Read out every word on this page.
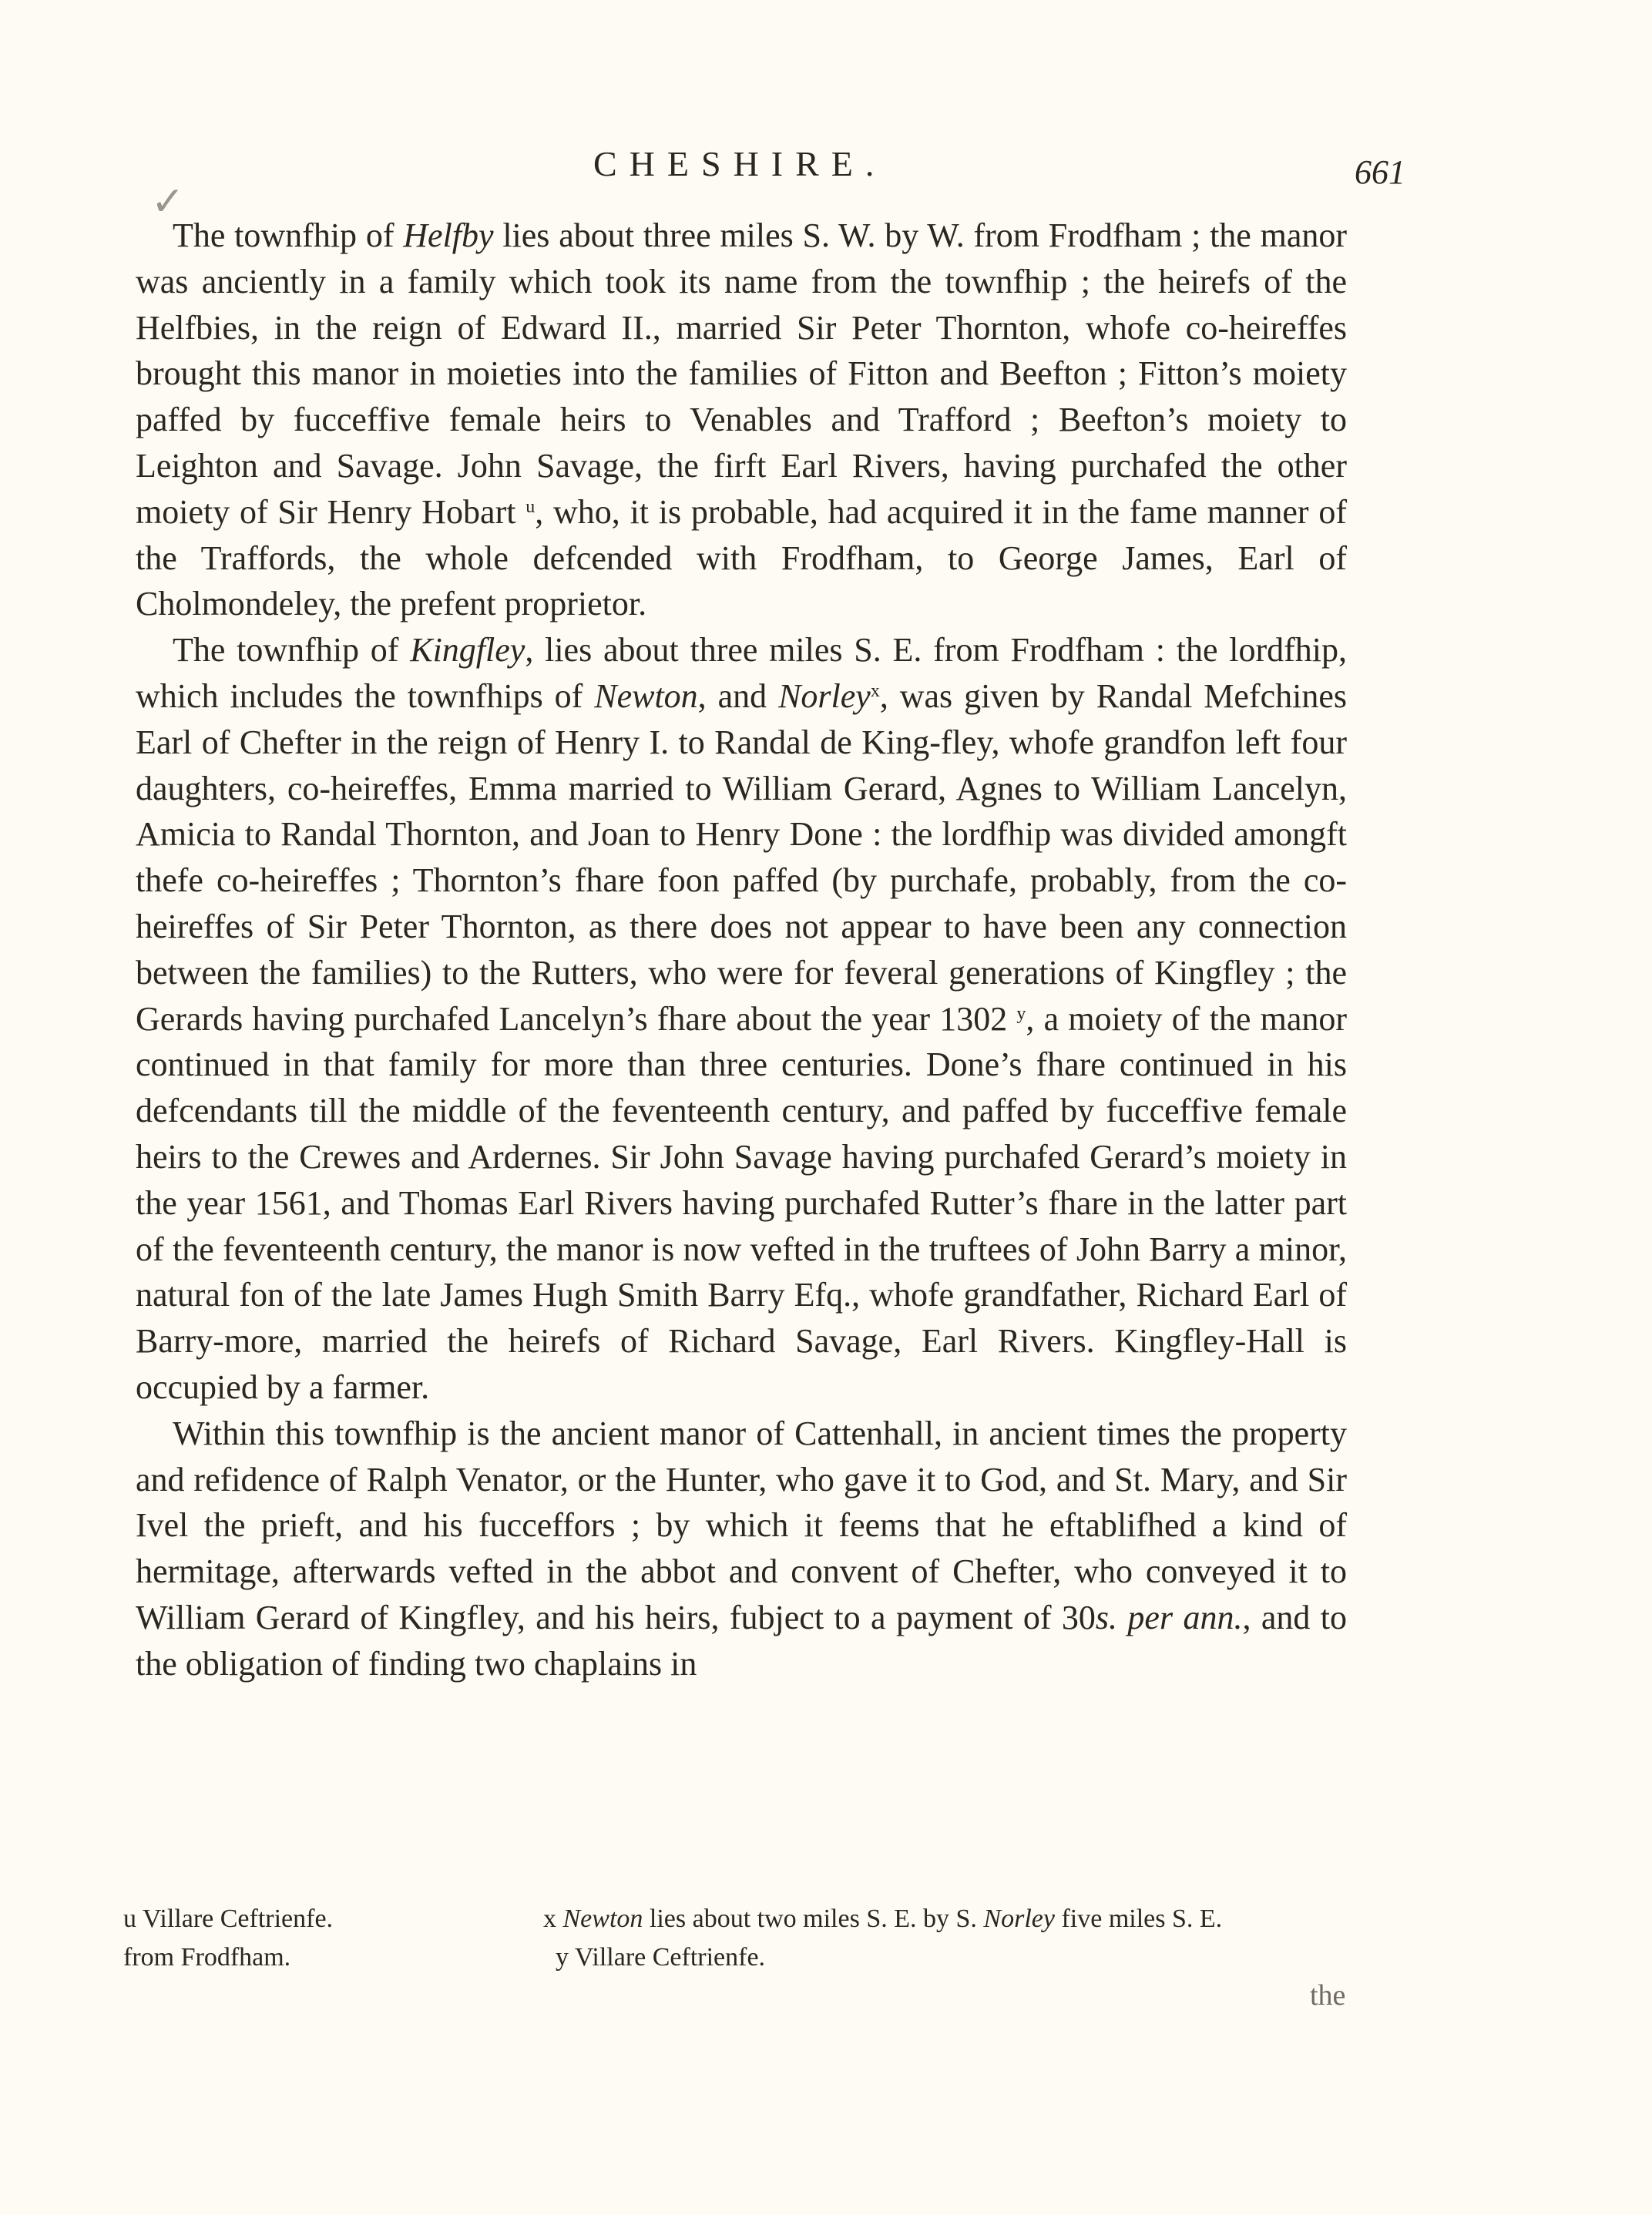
CHESHIRE.	661
✓

The townfhip of Helfby lies about three miles S. W. by W. from Frodfham ; the manor was anciently in a family which took its name from the townfhip ; the heirefs of the Helfbies, in the reign of Edward II., married Sir Peter Thornton, whofe co-heireffes brought this manor in moieties into the families of Fitton and Beefton ; Fitton’s moiety paffed by fucceffive female heirs to Venables and Trafford ; Beefton’s moiety to Leighton and Savage. John Savage, the firft Earl Rivers, having purchafed the other moiety of Sir Henry Hobart $^u$, who, it is probable, had acquired it in the fame manner of the Traffords, the whole defcended with Frodfham, to George James, Earl of Cholmondeley, the prefent proprietor.

The townfhip of Kingfley, lies about three miles S. E. from Frodfham : the lordfhip, which includes the townfhips of Newton, and Norley$^x$, was given by Randal Mefchines Earl of Chefter in the reign of Henry I. to Randal de King-fley, whofe grandfon left four daughters, co-heireffes, Emma married to William Gerard, Agnes to William Lancelyn, Amicia to Randal Thornton, and Joan to Henry Done : the lordfhip was divided amongft thefe co-heireffes ; Thornton’s fhare foon paffed (by purchafe, probably, from the co-heireffes of Sir Peter Thornton, as there does not appear to have been any connection between the families) to the Rutters, who were for feveral generations of Kingfley ; the Gerards having purchafed Lancelyn’s fhare about the year 1302 $^y$, a moiety of the manor continued in that family for more than three centuries. Done’s fhare continued in his defcendants till the middle of the feventeenth century, and paffed by fucceffive female heirs to the Crewes and Ardernes. Sir John Savage having purchafed Gerard’s moiety in the year 1561, and Thomas Earl Rivers having purchafed Rutter’s fhare in the latter part of the feventeenth century, the manor is now vefted in the truftees of John Barry a minor, natural fon of the late James Hugh Smith Barry Efq., whofe grandfather, Richard Earl of Barry-more, married the heirefs of Richard Savage, Earl Rivers. Kingfley-Hall is occupied by a farmer.

Within this townfhip is the ancient manor of Cattenhall, in ancient times the property and refidence of Ralph Venator, or the Hunter, who gave it to God, and St. Mary, and Sir Ivel the prieft, and his fucceffors ; by which it feems that he eftablifhed a kind of hermitage, afterwards vefted in the abbot and convent of Chefter, who conveyed it to William Gerard of Kingfley, and his heirs, fubject to a payment of 30s. per ann., and to the obligation of finding two chaplains in

u Villare Ceftrienfe.
from Frodfham.
x Newton lies about two miles S. E. by S. Norley five miles S. E.
y Villare Ceftrienfe.
the
